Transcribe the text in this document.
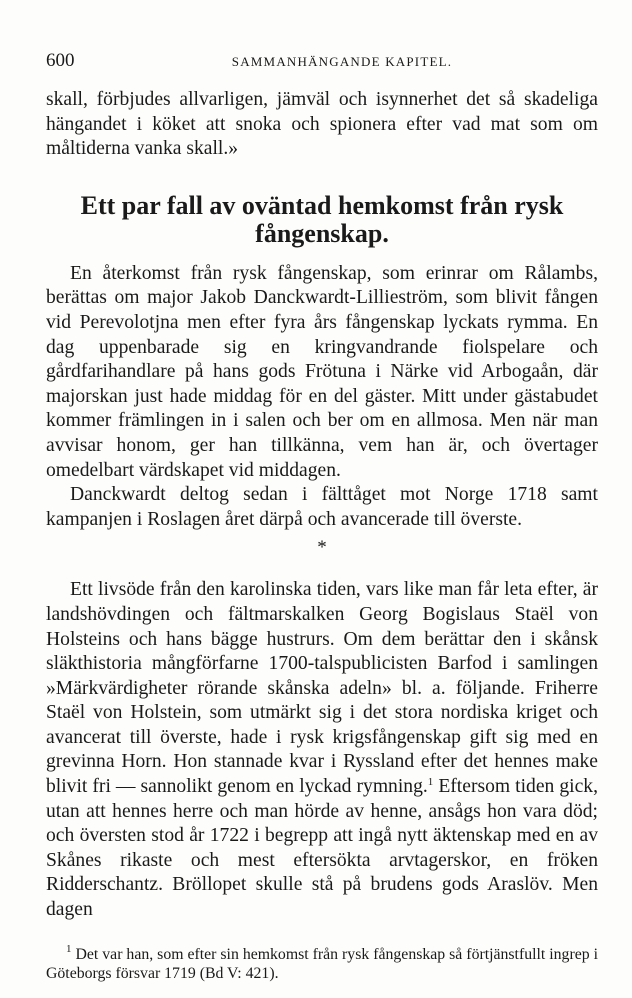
600	SAMMANHÄNGANDE KAPITEL.

skall, förbjudes allvarligen, jämväl och isynnerhet det så skadeliga hängandet i köket att snoka och spionera efter vad mat som om måltiderna vanka skall.»

Ett par fall av oväntad hemkomst från rysk fångenskap.

En återkomst från rysk fångenskap, som erinrar om Rålambs, berättas om major Jakob Danckwardt-Lillieström, som blivit fången vid Perevolotjna men efter fyra års fångenskap lyckats rymma. En dag uppenbarade sig en kringvandrande fiolspelare och gårdfarihandlare på hans gods Frötuna i Närke vid Arbogaån, där majorskan just hade middag för en del gäster. Mitt under gästabudet kommer främlingen in i salen och ber om en allmosa. Men när man avvisar honom, ger han tillkänna, vem han är, och övertager omedelbart värdskapet vid middagen.

Danckwardt deltog sedan i fälttåget mot Norge 1718 samt kampanjen i Roslagen året därpå och avancerade till överste.

*

Ett livsöde från den karolinska tiden, vars like man får leta efter, är landshövdingen och fältmarskalken Georg Bogislaus Staël von Holsteins och hans bägge hustrurs. Om dem berättar den i skånsk släkthistoria mångförfarne 1700-talspublicisten Barfod i samlingen »Märkvärdigheter rörande skånska adeln» bl. a. följande. Friherre Staël von Holstein, som utmärkt sig i det stora nordiska kriget och avancerat till överste, hade i rysk krigsfångenskap gift sig med en grevinna Horn. Hon stannade kvar i Ryssland efter det hennes make blivit fri — sannolikt genom en lyckad rymning.$^1$ Eftersom tiden gick, utan att hennes herre och man hörde av henne, ansågs hon vara död; och översten stod år 1722 i begrepp att ingå nytt äktenskap med en av Skånes rikaste och mest eftersökta arvtagerskor, en fröken Ridderschantz. Bröllopet skulle stå på brudens gods Araslöv. Men dagen

$^1$ Det var han, som efter sin hemkomst från rysk fångenskap så förtjänstfullt ingrep i Göteborgs försvar 1719 (Bd V: 421).
